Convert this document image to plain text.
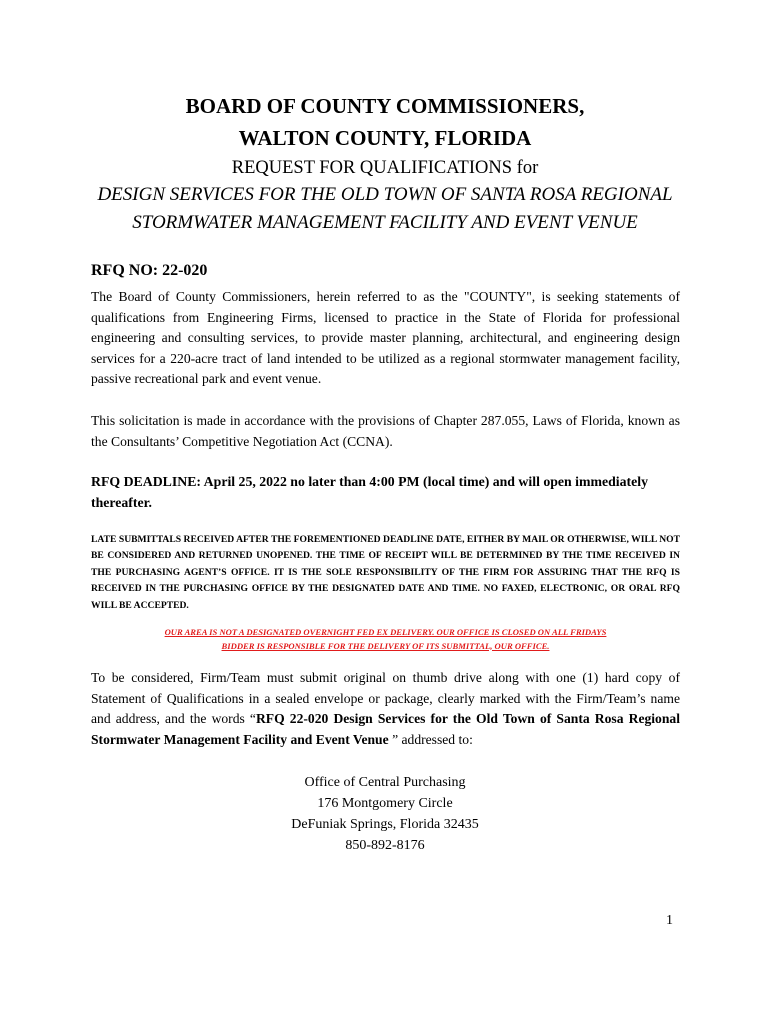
BOARD OF COUNTY COMMISSIONERS,
WALTON COUNTY, FLORIDA
REQUEST FOR QUALIFICATIONS for
DESIGN SERVICES FOR THE OLD TOWN OF SANTA ROSA REGIONAL STORMWATER MANAGEMENT FACILITY AND EVENT VENUE
RFQ NO: 22-020
The Board of County Commissioners, herein referred to as the "COUNTY", is seeking statements of qualifications from Engineering Firms, licensed to practice in the State of Florida for professional engineering and consulting services, to provide master planning, architectural, and engineering design services for a 220-acre tract of land intended to be utilized as a regional stormwater management facility, passive recreational park and event venue.
This solicitation is made in accordance with the provisions of Chapter 287.055, Laws of Florida, known as the Consultants’ Competitive Negotiation Act (CCNA).
RFQ DEADLINE: April 25, 2022 no later than 4:00 PM (local time) and will open immediately thereafter.
LATE SUBMITTALS RECEIVED AFTER THE FOREMENTIONED DEADLINE DATE, EITHER BY MAIL OR OTHERWISE, WILL NOT BE CONSIDERED AND RETURNED UNOPENED. THE TIME OF RECEIPT WILL BE DETERMINED BY THE TIME RECEIVED IN THE PURCHASING AGENT’S OFFICE. IT IS THE SOLE RESPONSIBILITY OF THE FIRM FOR ASSURING THAT THE RFQ IS RECEIVED IN THE PURCHASING OFFICE BY THE DESIGNATED DATE AND TIME. NO FAXED, ELECTRONIC, OR ORAL RFQ WILL BE ACCEPTED.
OUR AREA IS NOT A DESIGNATED OVERNIGHT FED EX DELIVERY. OUR OFFICE IS CLOSED ON ALL FRIDAYS
BIDDER IS RESPONSIBLE FOR THE DELIVERY OF ITS SUBMITTAL, OUR OFFICE.
To be considered, Firm/Team must submit original on thumb drive along with one (1) hard copy of Statement of Qualifications in a sealed envelope or package, clearly marked with the Firm/Team’s name and address, and the words “RFQ 22-020 Design Services for the Old Town of Santa Rosa Regional Stormwater Management Facility and Event Venue ” addressed to:
Office of Central Purchasing
176 Montgomery Circle
DeFuniak Springs, Florida 32435
850-892-8176
1
